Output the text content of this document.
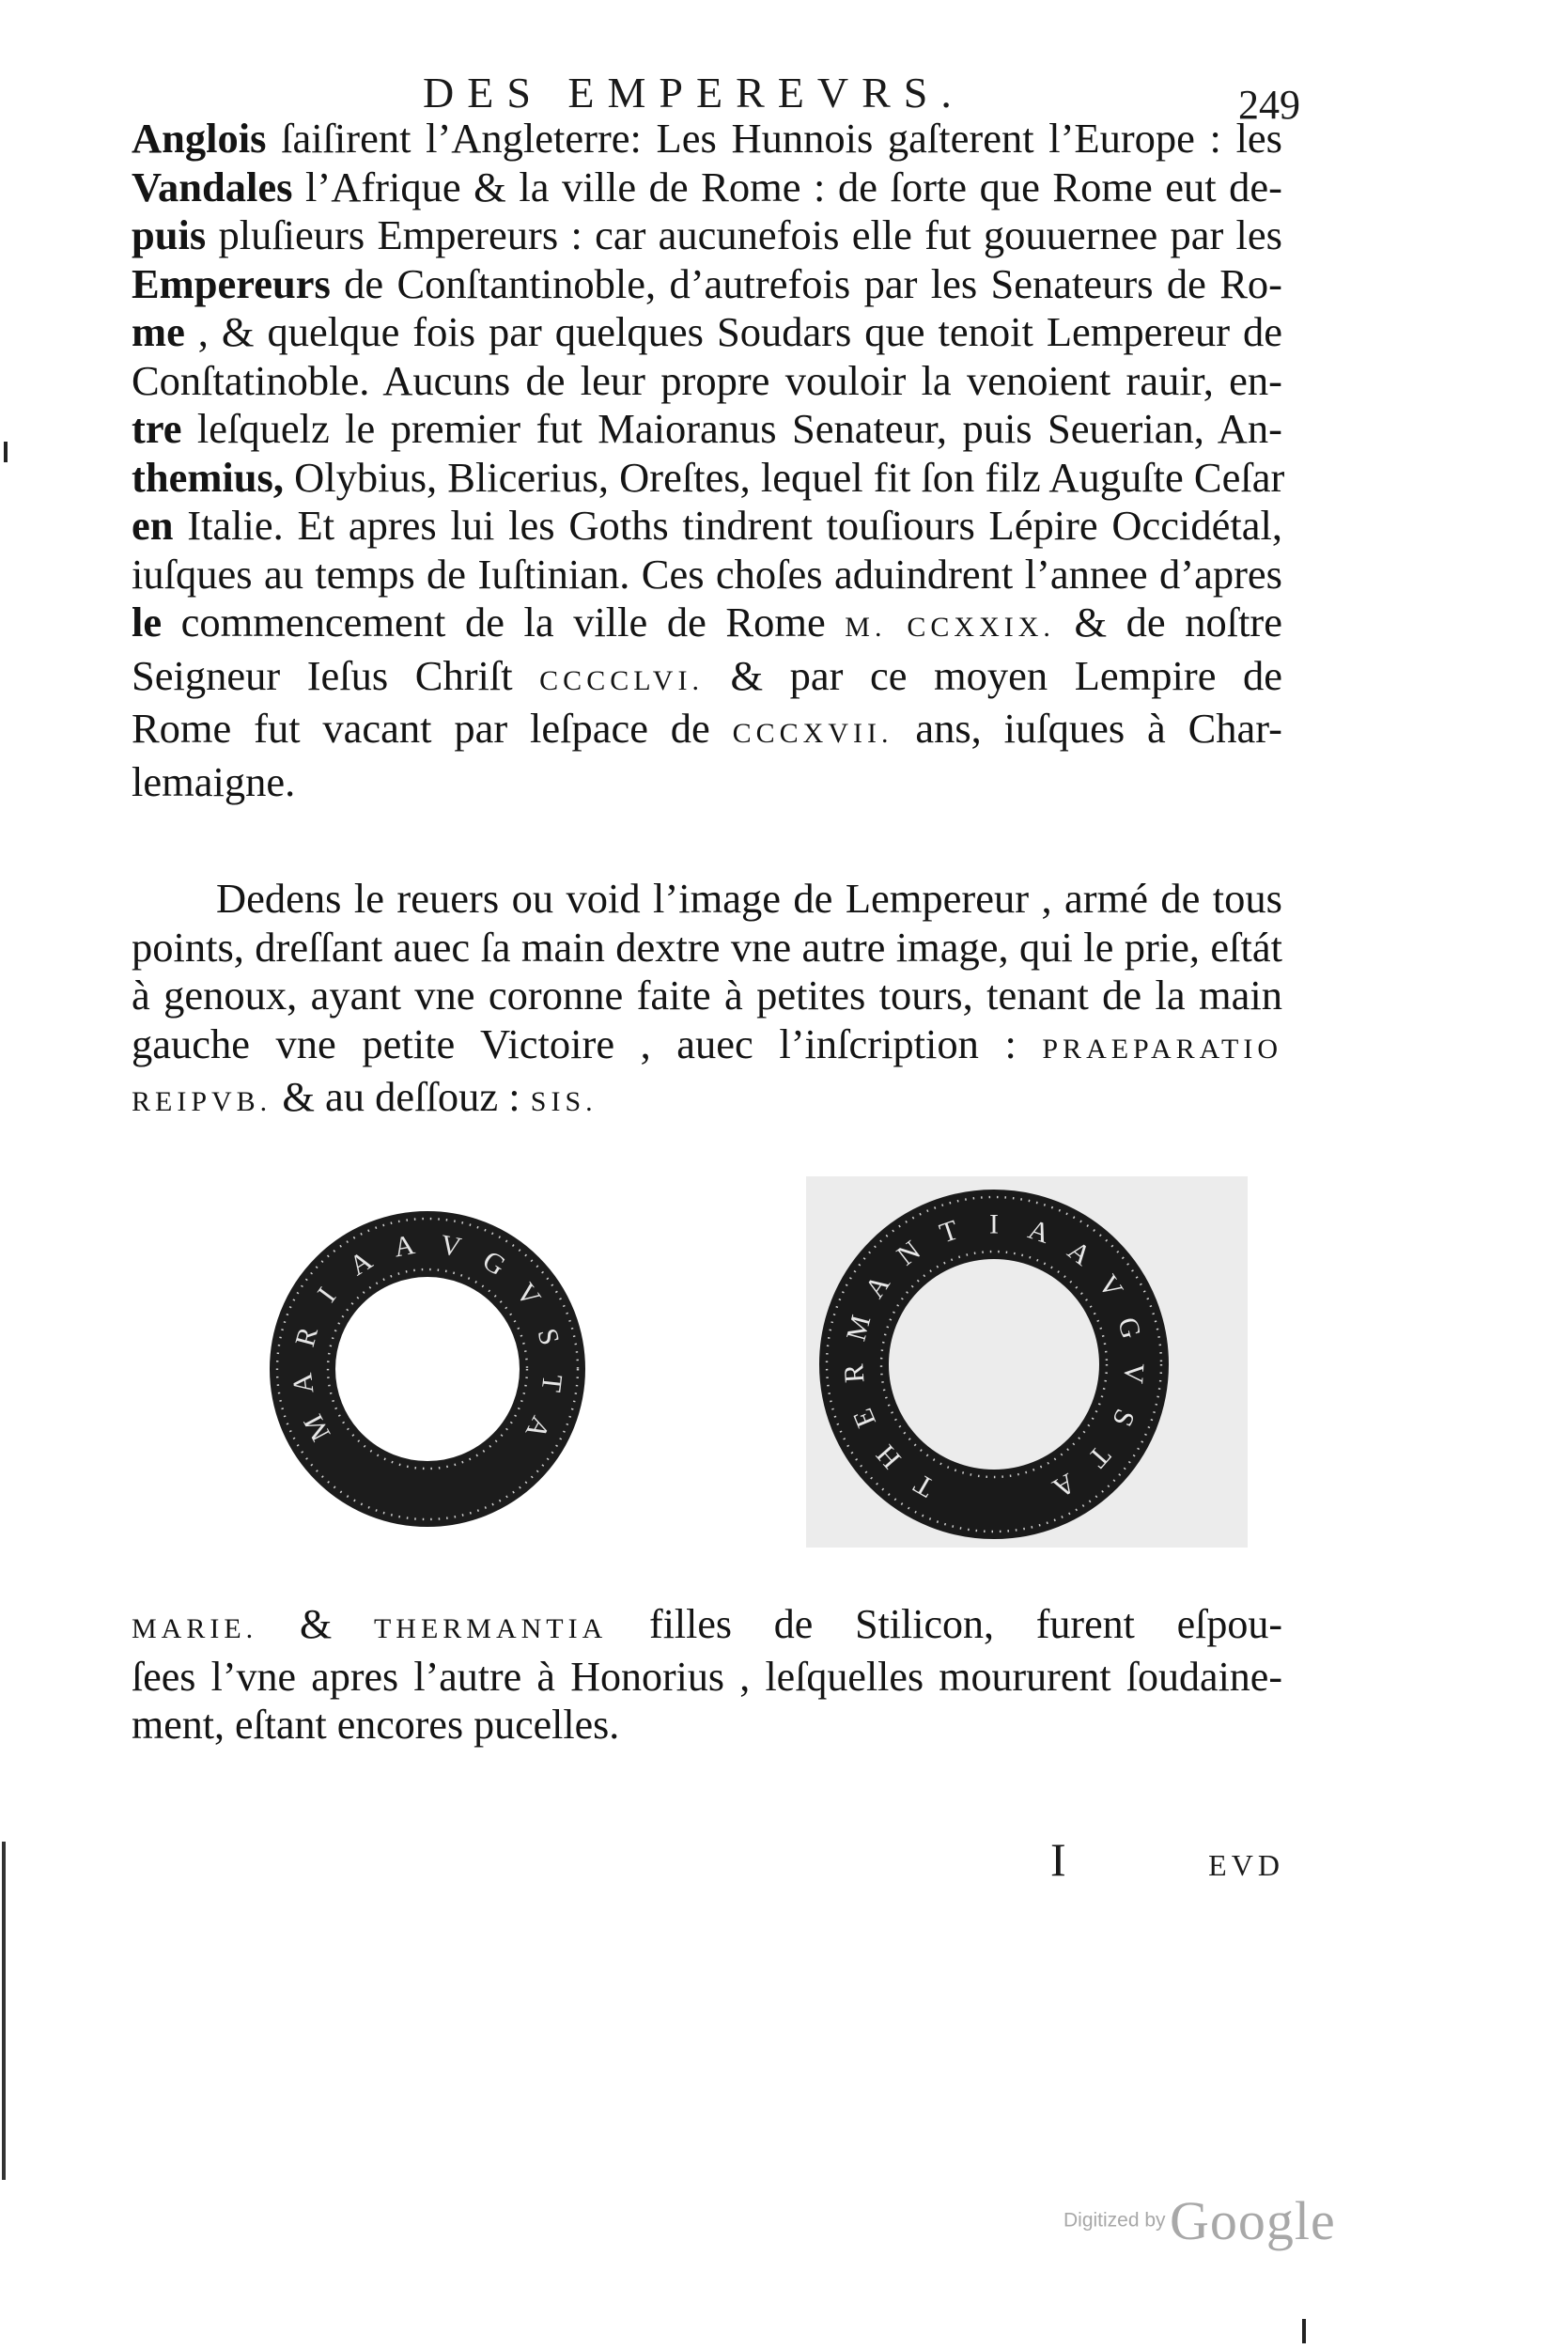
DES EMPEREVRS.	249
Anglois ſaiſirent l’Angleterre: Les Hunnois gaſterent l’Europe : les
Vandales l’Afrique & la ville de Rome : de ſorte que Rome eut de-
puis pluſieurs Empereurs : car aucunefois elle fut gouuernee par les
Empereurs de Conſtantinoble, d’autrefois par les Senateurs de Ro-
me , & quelque fois par quelques Soudars que tenoit Lempereur de
Conſtatinoble. Aucuns de leur propre vouloir la venoient rauir, en-
tre leſquelz le premier fut Maioranus Senateur, puis Seuerian, An-
themius, Olybius, Blicerius, Oreſtes, lequel fit ſon filz Auguſte Ceſar
en Italie. Et apres lui les Goths tindrent touſiours Lépire Occidétal,
iuſques au temps de Iuſtinian. Ces choſes aduindrent l’annee d’apres
le commencement de la ville de Rome M. CCXXIX. & de noſtre
Seigneur Ieſus Chriſt CCCCLVI. & par ce moyen Lempire de
Rome fut vacant par leſpace de CCCXVII. ans, iuſques à Char-
lemaigne.
Dedens le reuers ou void l’image de Lempereur , armé de tous
points, dreſſant auec ſa main dextre vne autre image, qui le prie, eſtát
à genoux, ayant vne coronne faite à petites tours, tenant de la main
gauche vne petite Victoire , auec l’inſcription : PRAEPARATIO
REIPVB. & au deſſouz : SIS.
M
A
R
I
A A V G
V
S
T
A
T
H
E
R
M
A
N
T I A
A
V
G
V
S
T
A
MARIE. & THERMANTIA filles de Stilicon, furent eſpou-
ſees l’vne apres l’autre à Honorius , leſquelles moururent ſoudaine-
ment, eſtant encores pucelles.
I	EVD
Digitized by Google
